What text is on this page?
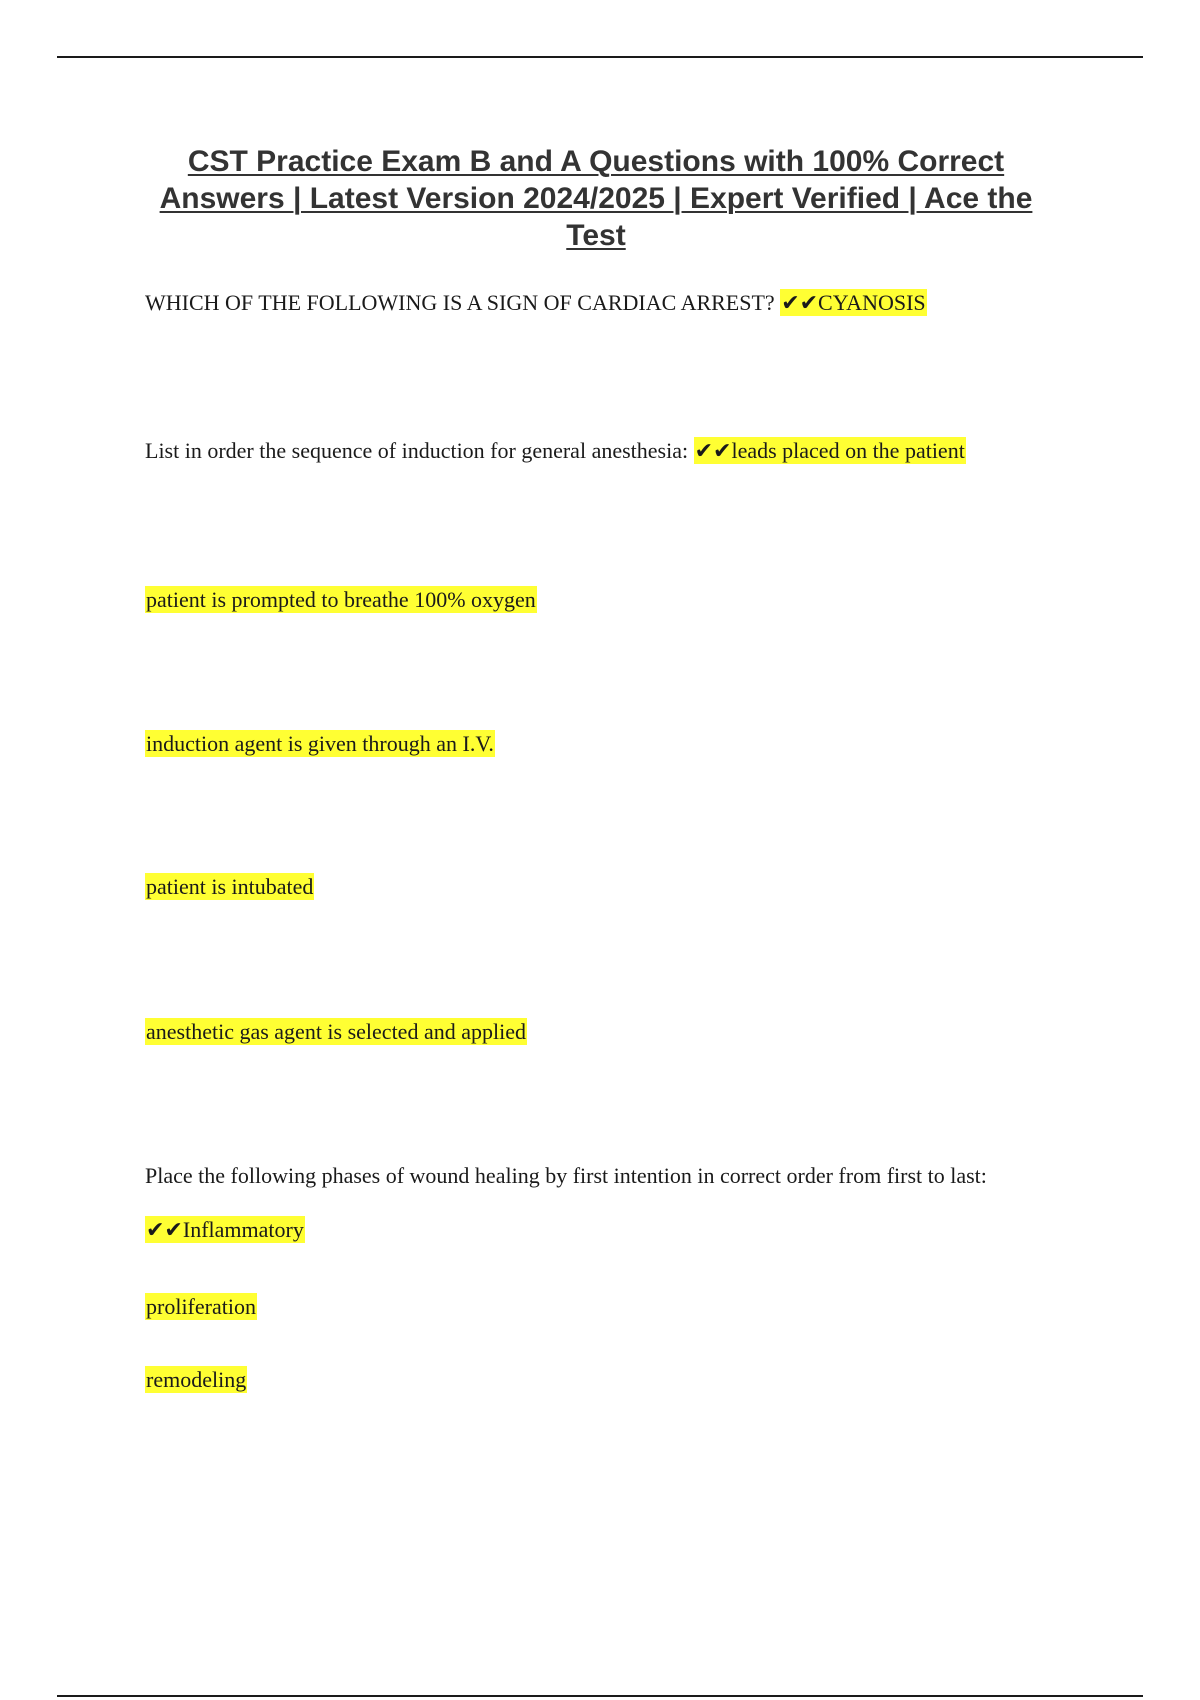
CST Practice Exam B and A Questions with 100% Correct Answers | Latest Version 2024/2025 | Expert Verified | Ace the Test

WHICH OF THE FOLLOWING IS A SIGN OF CARDIAC ARREST? ✔✔CYANOSIS

List in order the sequence of induction for general anesthesia: ✔✔leads placed on the patient

patient is prompted to breathe 100% oxygen

induction agent is given through an I.V.

patient is intubated

anesthetic gas agent is selected and applied

Place the following phases of wound healing by first intention in correct order from first to last:

✔✔Inflammatory

proliferation

remodeling
